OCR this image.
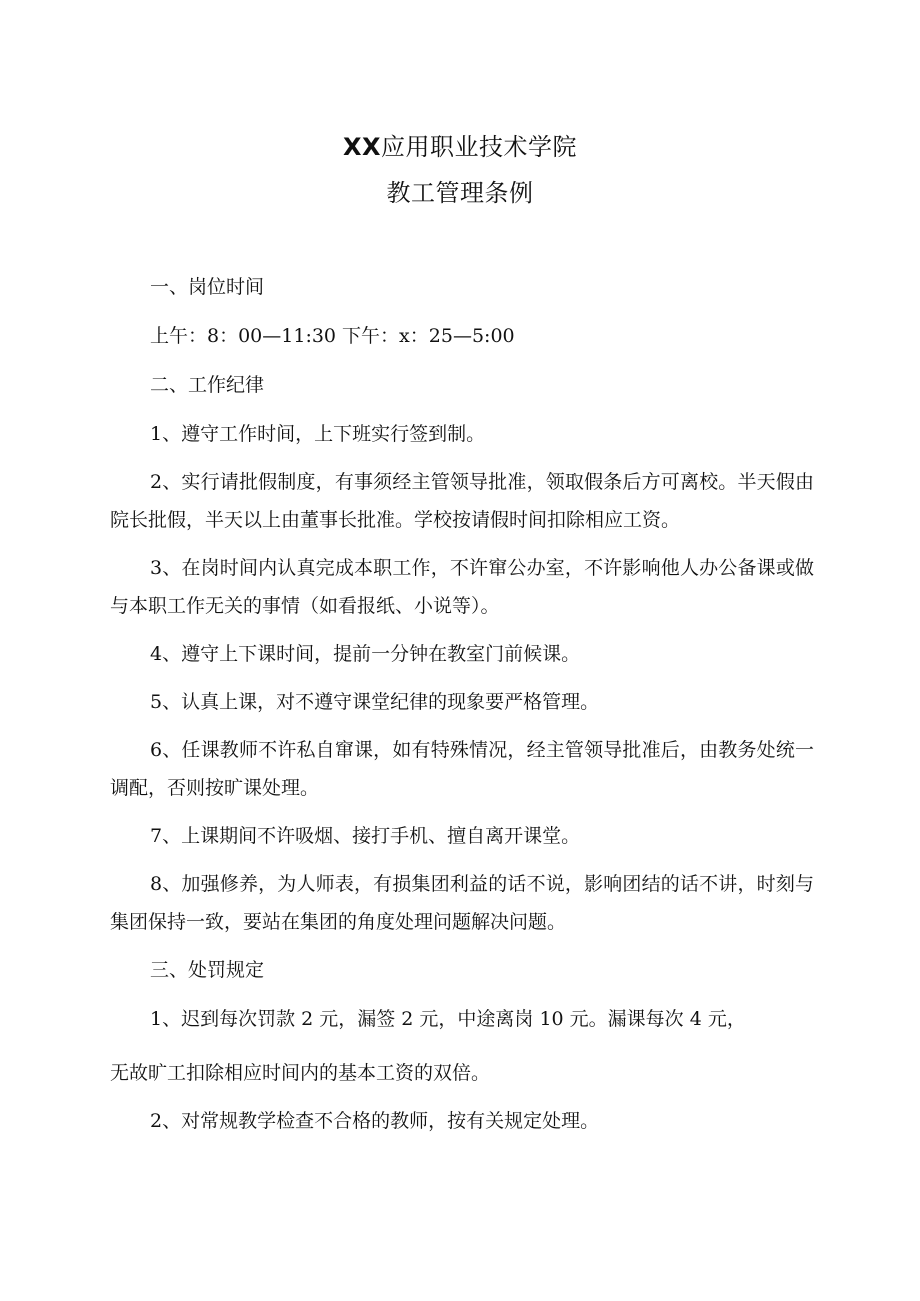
XX应用职业技术学院
教工管理条例

一、岗位时间

上午：8：00—11:30 下午：x：25—5:00

二、工作纪律

1、遵守工作时间，上下班实行签到制。

2、实行请批假制度，有事须经主管领导批准，领取假条后方可离校。半天假由院长批假，半天以上由董事长批准。学校按请假时间扣除相应工资。

3、在岗时间内认真完成本职工作，不许窜公办室，不许影响他人办公备课或做与本职工作无关的事情（如看报纸、小说等）。

4、遵守上下课时间，提前一分钟在教室门前候课。

5、认真上课，对不遵守课堂纪律的现象要严格管理。

6、任课教师不许私自窜课，如有特殊情况，经主管领导批准后，由教务处统一调配，否则按旷课处理。

7、上课期间不许吸烟、接打手机、擅自离开课堂。

8、加强修养，为人师表，有损集团利益的话不说，影响团结的话不讲，时刻与集团保持一致，要站在集团的角度处理问题解决问题。

三、处罚规定

1、迟到每次罚款 2 元，漏签 2 元，中途离岗 10 元。漏课每次 4 元，

无故旷工扣除相应时间内的基本工资的双倍。

2、对常规教学检查不合格的教师，按有关规定处理。
